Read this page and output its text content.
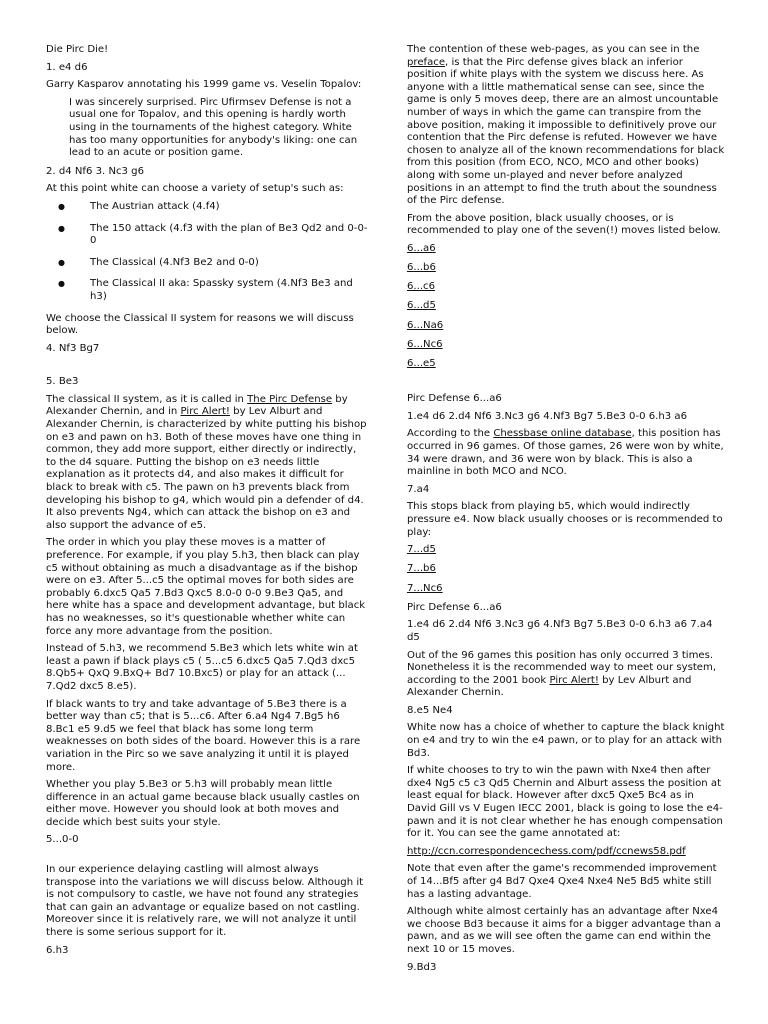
Die Pirc Die!

1. e4 d6

Garry Kasparov annotating his 1999 game vs. Veselin Topalov:

I was sincerely surprised. Pirc Ufirmsev Defense is not a usual one for Topalov, and this opening is hardly worth using in the tournaments of the highest category. White has too many opportunities for anybody's liking: one can lead to an acute or position game.

2. d4 Nf6 3. Nc3 g6

At this point white can choose a variety of setup's such as:

● The Austrian attack (4.f4)
● The 150 attack (4.f3 with the plan of Be3 Qd2 and 0-0-0
● The Classical (4.Nf3 Be2 and 0-0)
● The Classical II aka: Spassky system (4.Nf3 Be3 and h3)

We choose the Classical II system for reasons we will discuss below.

4. Nf3 Bg7

5. Be3

The classical II system, as it is called in The Pirc Defense by Alexander Chernin, and in Pirc Alert! by Lev Alburt and Alexander Chernin, is characterized by white putting his bishop on e3 and pawn on h3. Both of these moves have one thing in common, they add more support, either directly or indirectly, to the d4 square. Putting the bishop on e3 needs little explanation as it protects d4, and also makes it difficult for black to break with c5. The pawn on h3 prevents black from developing his bishop to g4, which would pin a defender of d4. It also prevents Ng4, which can attack the bishop on e3 and also support the advance of e5.

The order in which you play these moves is a matter of preference. For example, if you play 5.h3, then black can play c5 without obtaining as much a disadvantage as if the bishop were on e3. After 5...c5 the optimal moves for both sides are probably 6.dxc5 Qa5 7.Bd3 Qxc5 8.0-0 0-0 9.Be3 Qa5, and here white has a space and development advantage, but black has no weaknesses, so it's questionable whether white can force any more advantage from the position.

Instead of 5.h3, we recommend 5.Be3 which lets white win at least a pawn if black plays c5 ( 5...c5 6.dxc5 Qa5 7.Qd3 dxc5 8.Qb5+ QxQ 9.BxQ+ Bd7 10.Bxc5) or play for an attack (... 7.Qd2 dxc5 8.e5).

If black wants to try and take advantage of 5.Be3 there is a better way than c5; that is 5...c6. After 6.a4 Ng4 7.Bg5 h6 8.Bc1 e5 9.d5 we feel that black has some long term weaknesses on both sides of the board. However this is a rare variation in the Pirc so we save analyzing it until it is played more.

Whether you play 5.Be3 or 5.h3 will probably mean little difference in an actual game because black usually castles on either move. However you should look at both moves and decide which best suits your style.

5...0-0

In our experience delaying castling will almost always transpose into the variations we will discuss below. Although it is not compulsory to castle, we have not found any strategies that can gain an advantage or equalize based on not castling. Moreover since it is relatively rare, we will not analyze it until there is some serious support for it.

6.h3

The contention of these web-pages, as you can see in the preface, is that the Pirc defense gives black an inferior position if white plays with the system we discuss here. As anyone with a little mathematical sense can see, since the game is only 5 moves deep, there are an almost uncountable number of ways in which the game can transpire from the above position, making it impossible to definitively prove our contention that the Pirc defense is refuted. However we have chosen to analyze all of the known recommendations for black from this position (from ECO, NCO, MCO and other books) along with some un-played and never before analyzed positions in an attempt to find the truth about the soundness of the Pirc defense.

From the above position, black usually chooses, or is recommended to play one of the seven(!) moves listed below.

6...a6
6...b6
6...c6
6...d5
6...Na6
6...Nc6
6...e5

Pirc Defense 6...a6

1.e4 d6 2.d4 Nf6 3.Nc3 g6 4.Nf3 Bg7 5.Be3 0-0 6.h3 a6

According to the Chessbase online database, this position has occurred in 96 games. Of those games, 26 were won by white, 34 were drawn, and 36 were won by black. This is also a mainline in both MCO and NCO.

7.a4

This stops black from playing b5, which would indirectly pressure e4. Now black usually chooses or is recommended to play:

7...d5
7...b6
7...Nc6

Pirc Defense 6...a6

1.e4 d6 2.d4 Nf6 3.Nc3 g6 4.Nf3 Bg7 5.Be3 0-0 6.h3 a6 7.a4 d5

Out of the 96 games this position has only occurred 3 times. Nonetheless it is the recommended way to meet our system, according to the 2001 book Pirc Alert! by Lev Alburt and Alexander Chernin.

8.e5 Ne4

White now has a choice of whether to capture the black knight on e4 and try to win the e4 pawn, or to play for an attack with Bd3.

If white chooses to try to win the pawn with Nxe4 then after dxe4 Ng5 c5 c3 Qd5 Chernin and Alburt assess the position at least equal for black. However after dxc5 Qxe5 Bc4 as in David Gill vs V Eugen IECC 2001, black is going to lose the e4-pawn and it is not clear whether he has enough compensation for it. You can see the game annotated at:

http://ccn.correspondencechess.com/pdf/ccnews58.pdf

Note that even after the game's recommended improvement of 14...Bf5 after g4 Bd7 Qxe4 Qxe4 Nxe4 Ne5 Bd5 white still has a lasting advantage.

Although white almost certainly has an advantage after Nxe4 we choose Bd3 because it aims for a bigger advantage than a pawn, and as we will see often the game can end within the next 10 or 15 moves.

9.Bd3
